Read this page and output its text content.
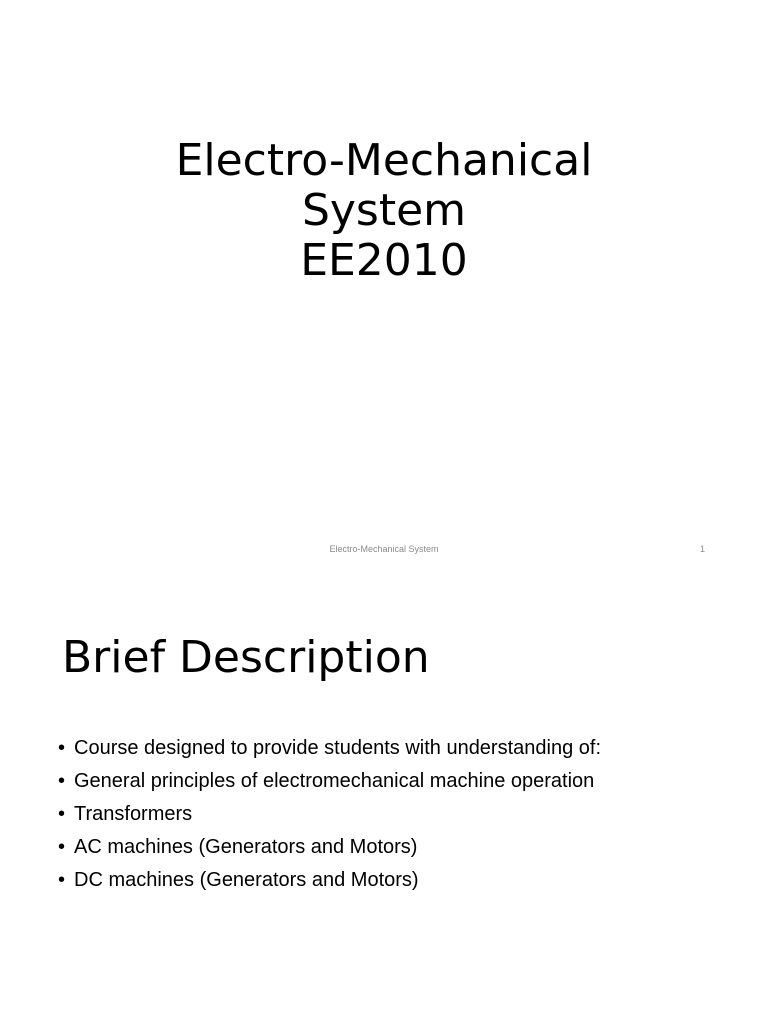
Electro-Mechanical
System
EE2010
Electro-Mechanical System	1
Brief Description
• Course designed to provide students with understanding of:
• General principles of electromechanical machine operation
• Transformers
• AC machines (Generators and Motors)
• DC machines (Generators and Motors)
